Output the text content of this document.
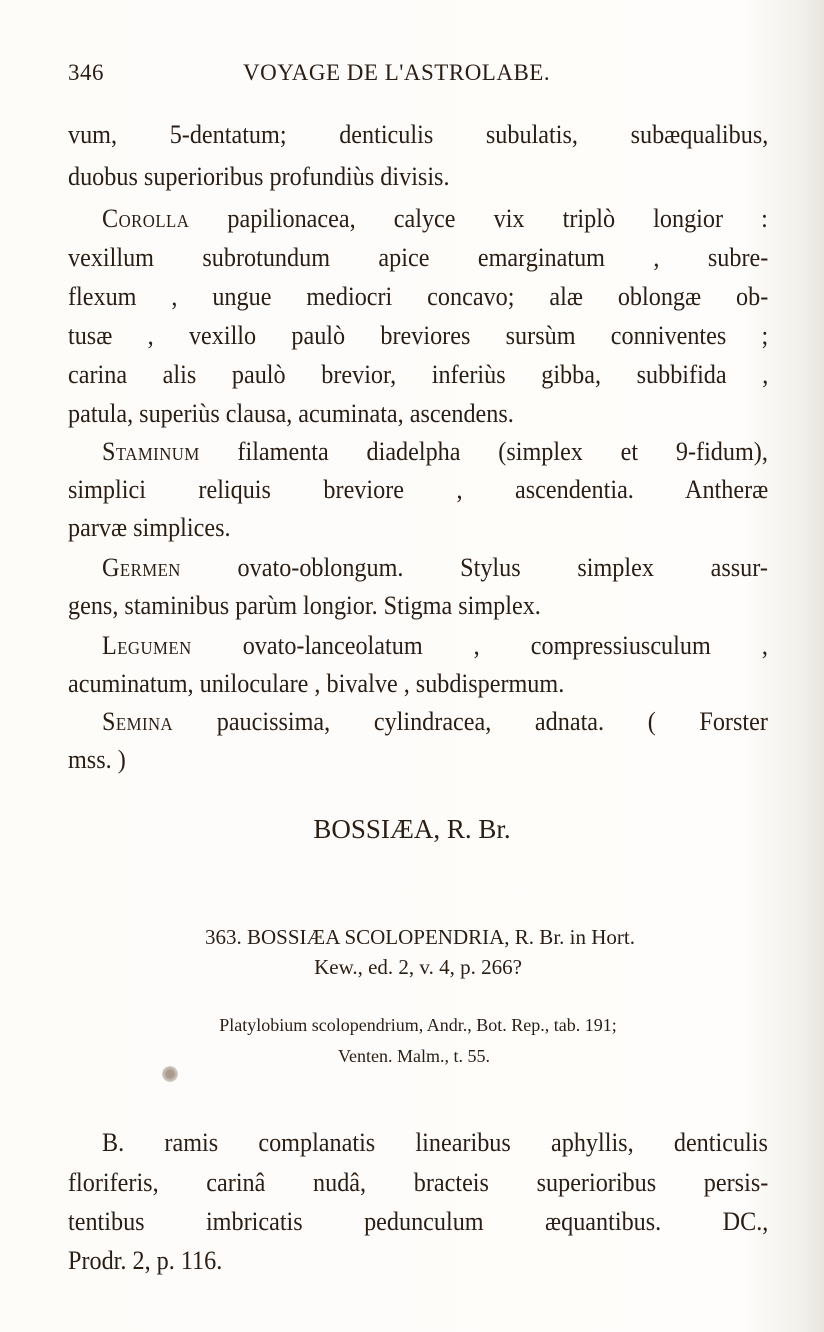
346	VOYAGE DE L'ASTROLABE.
vum, 5-dentatum; denticulis subulatis, subæqualibus,
duobus superioribus profundiùs divisis.
Corolla papilionacea, calyce vix triplò longior :
vexillum subrotundum apice emarginatum , subre-
flexum , ungue mediocri concavo; alæ oblongæ ob-
tusæ , vexillo paulò breviores sursùm conniventes ;
carina alis paulò brevior, inferiùs gibba, subbifida ,
patula, superiùs clausa, acuminata, ascendens.
Staminum filamenta diadelpha (simplex et 9-fidum),
simplici reliquis breviore , ascendentia. Antheræ
parvæ simplices.
Germen ovato-oblongum. Stylus simplex assur-
gens, staminibus parùm longior. Stigma simplex.
Legumen ovato-lanceolatum , compressiusculum ,
acuminatum, uniloculare , bivalve , subdispermum.
Semina paucissima, cylindracea, adnata. ( Forster
mss. )
BOSSIÆA, R. Br.
363. BOSSIÆA SCOLOPENDRIA, R. Br. in Hort.
Kew., ed. 2, v. 4, p. 266?
Platylobium scolopendrium, Andr., Bot. Rep., tab. 191;
Venten. Malm., t. 55.
B. ramis complanatis linearibus aphyllis, denticulis
floriferis, carinâ nudâ, bracteis superioribus persis-
tentibus imbricatis pedunculum æquantibus. DC.,
Prodr. 2, p. 116.
